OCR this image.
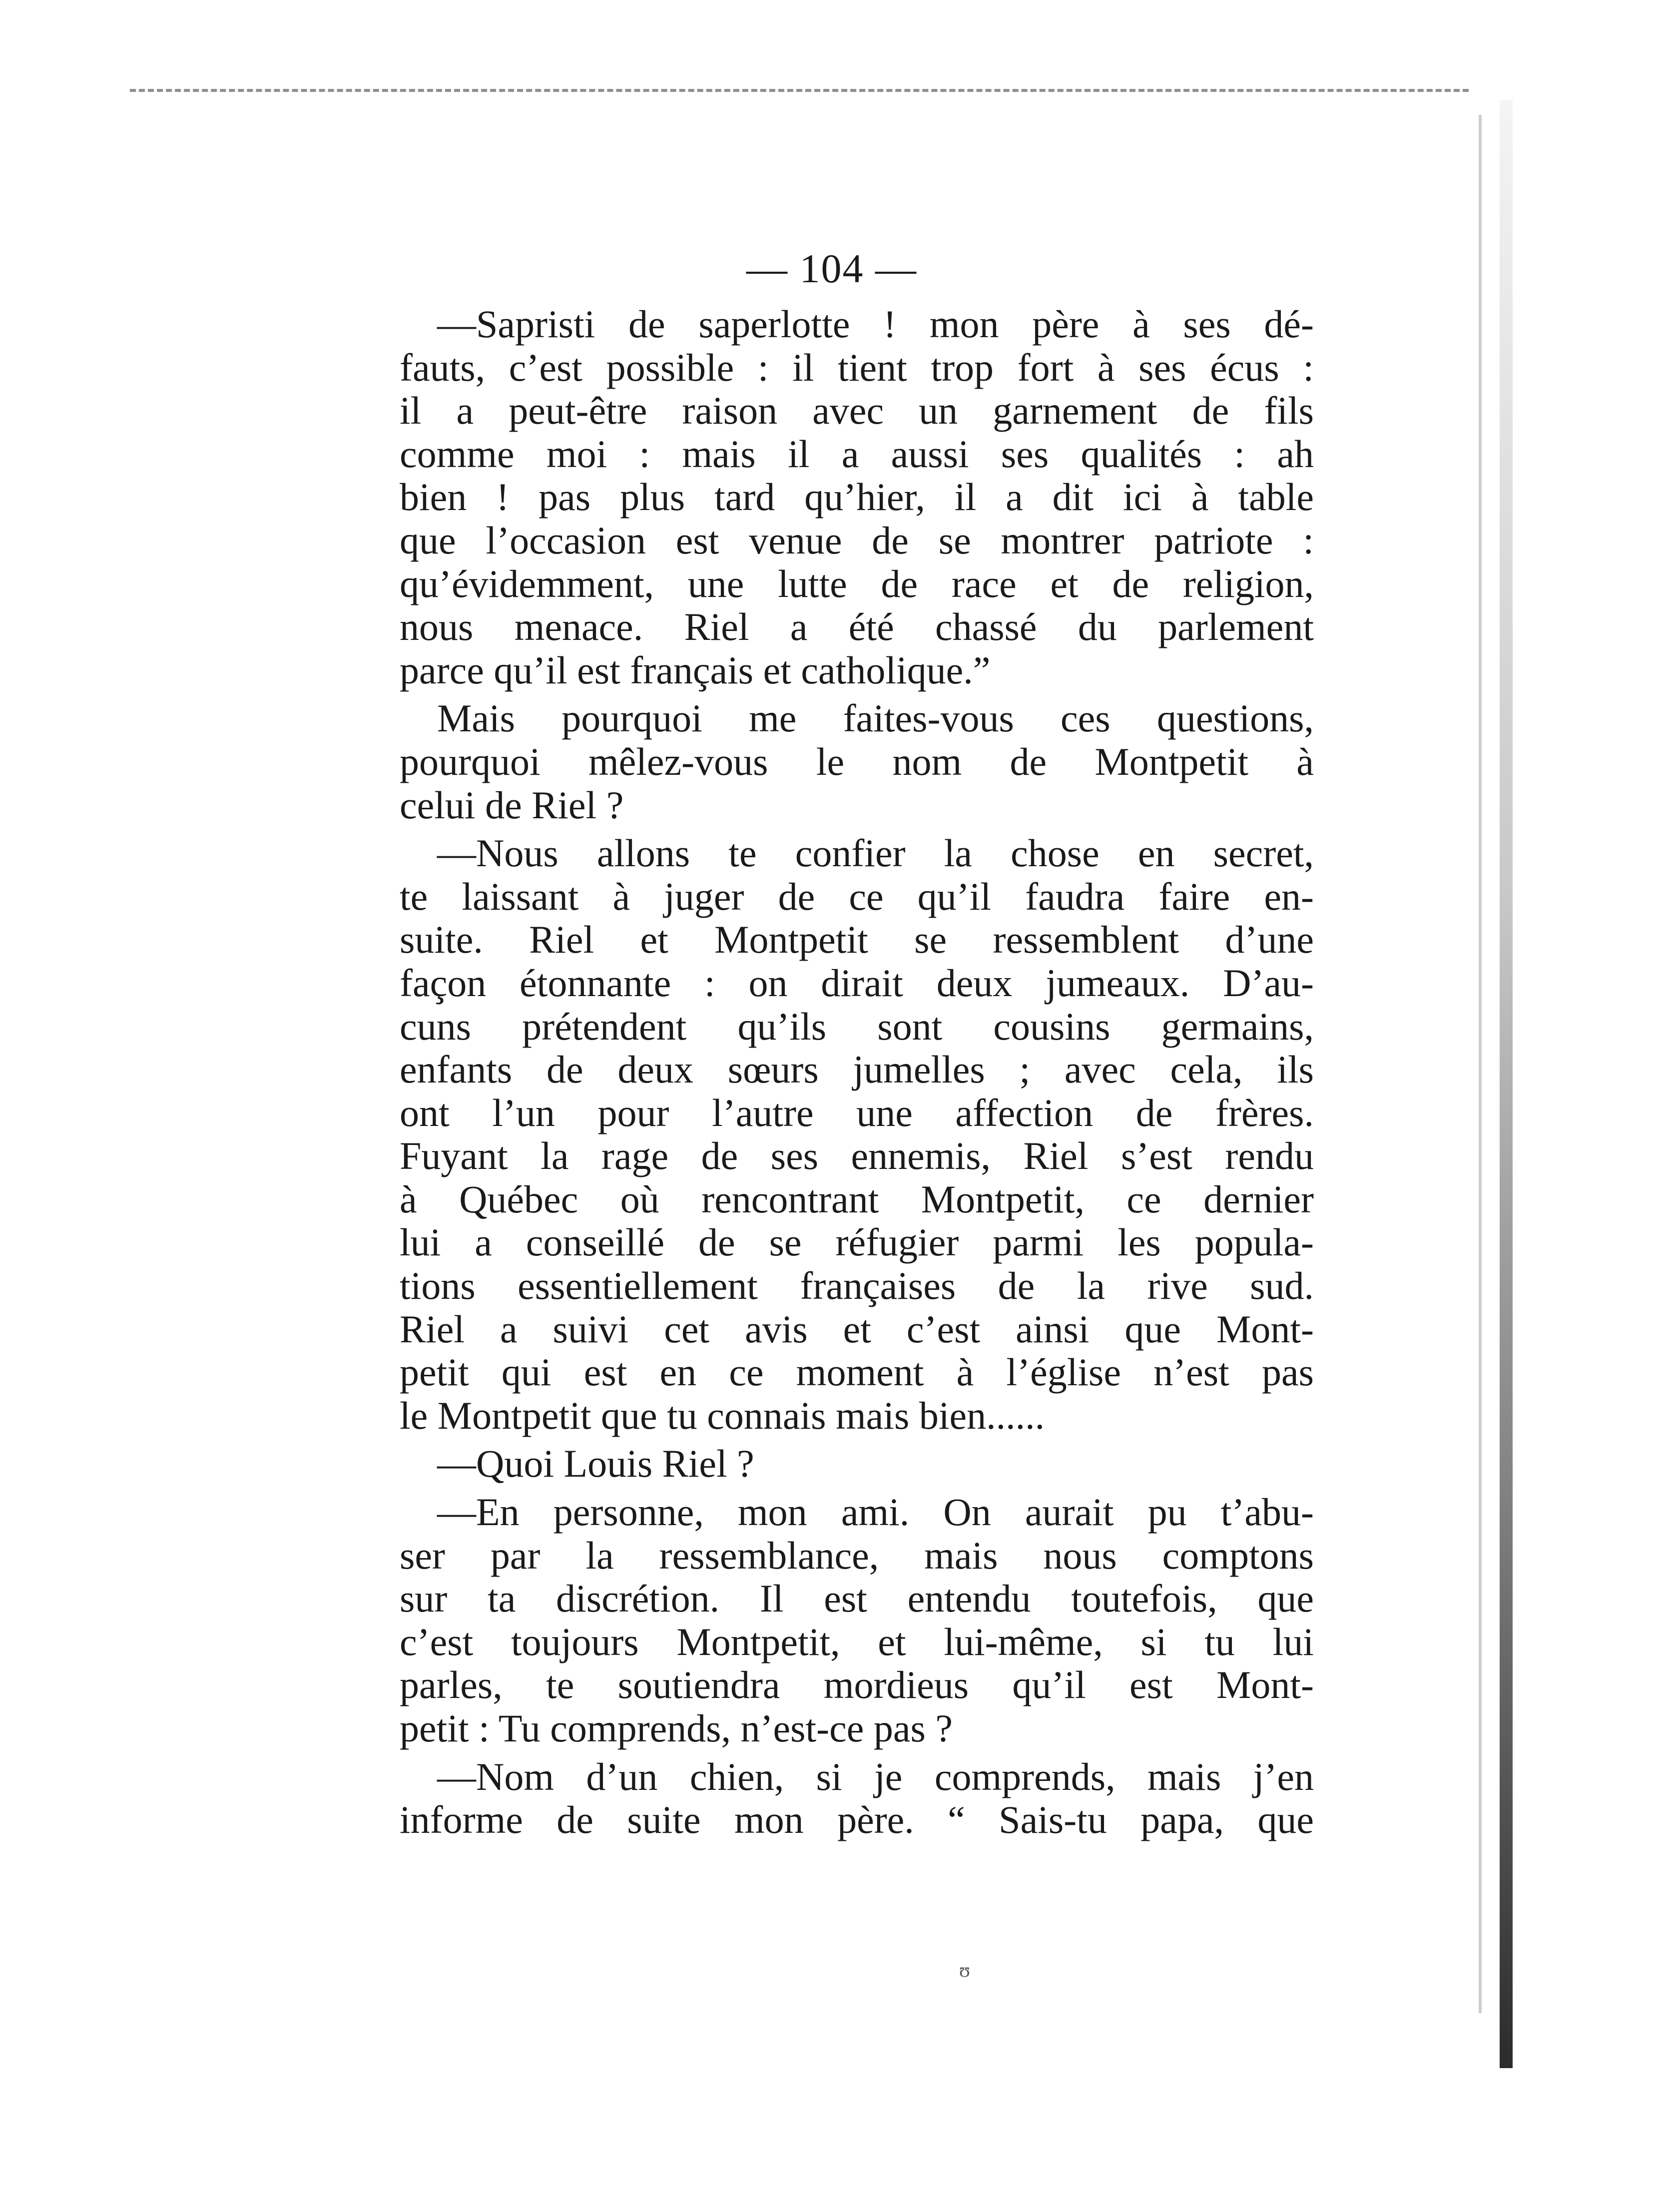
— 104 —
—Sapristi de saperlotte ! mon père à ses dé-
fauts, c’est possible : il tient trop fort à ses écus :
il a peut-être raison avec un garnement de fils
comme moi : mais il a aussi ses qualités : ah
bien ! pas plus tard qu’hier, il a dit ici à table
que l’occasion est venue de se montrer patriote :
qu’évidemment, une lutte de race et de religion,
nous menace. Riel a été chassé du parlement
parce qu’il est français et catholique.”
Mais pourquoi me faites-vous ces questions,
pourquoi mêlez-vous le nom de Montpetit à
celui de Riel ?
—Nous allons te confier la chose en secret,
te laissant à juger de ce qu’il faudra faire en-
suite. Riel et Montpetit se ressemblent d’une
façon étonnante : on dirait deux jumeaux. D’au-
cuns prétendent qu’ils sont cousins germains,
enfants de deux sœurs jumelles ; avec cela, ils
ont l’un pour l’autre une affection de frères.
Fuyant la rage de ses ennemis, Riel s’est rendu
à Québec où rencontrant Montpetit, ce dernier
lui a conseillé de se réfugier parmi les popula-
tions essentiellement françaises de la rive sud.
Riel a suivi cet avis et c’est ainsi que Mont-
petit qui est en ce moment à l’église n’est pas
le Montpetit que tu connais mais bien......
—Quoi Louis Riel ?
—En personne, mon ami. On aurait pu t’abu-
ser par la ressemblance, mais nous comptons
sur ta discrétion. Il est entendu toutefois, que
c’est toujours Montpetit, et lui-même, si tu lui
parles, te soutiendra mordieus qu’il est Mont-
petit : Tu comprends, n’est-ce pas ?
—Nom d’un chien, si je comprends, mais j’en
informe de suite mon père. “ Sais-tu papa, que
ʊ
